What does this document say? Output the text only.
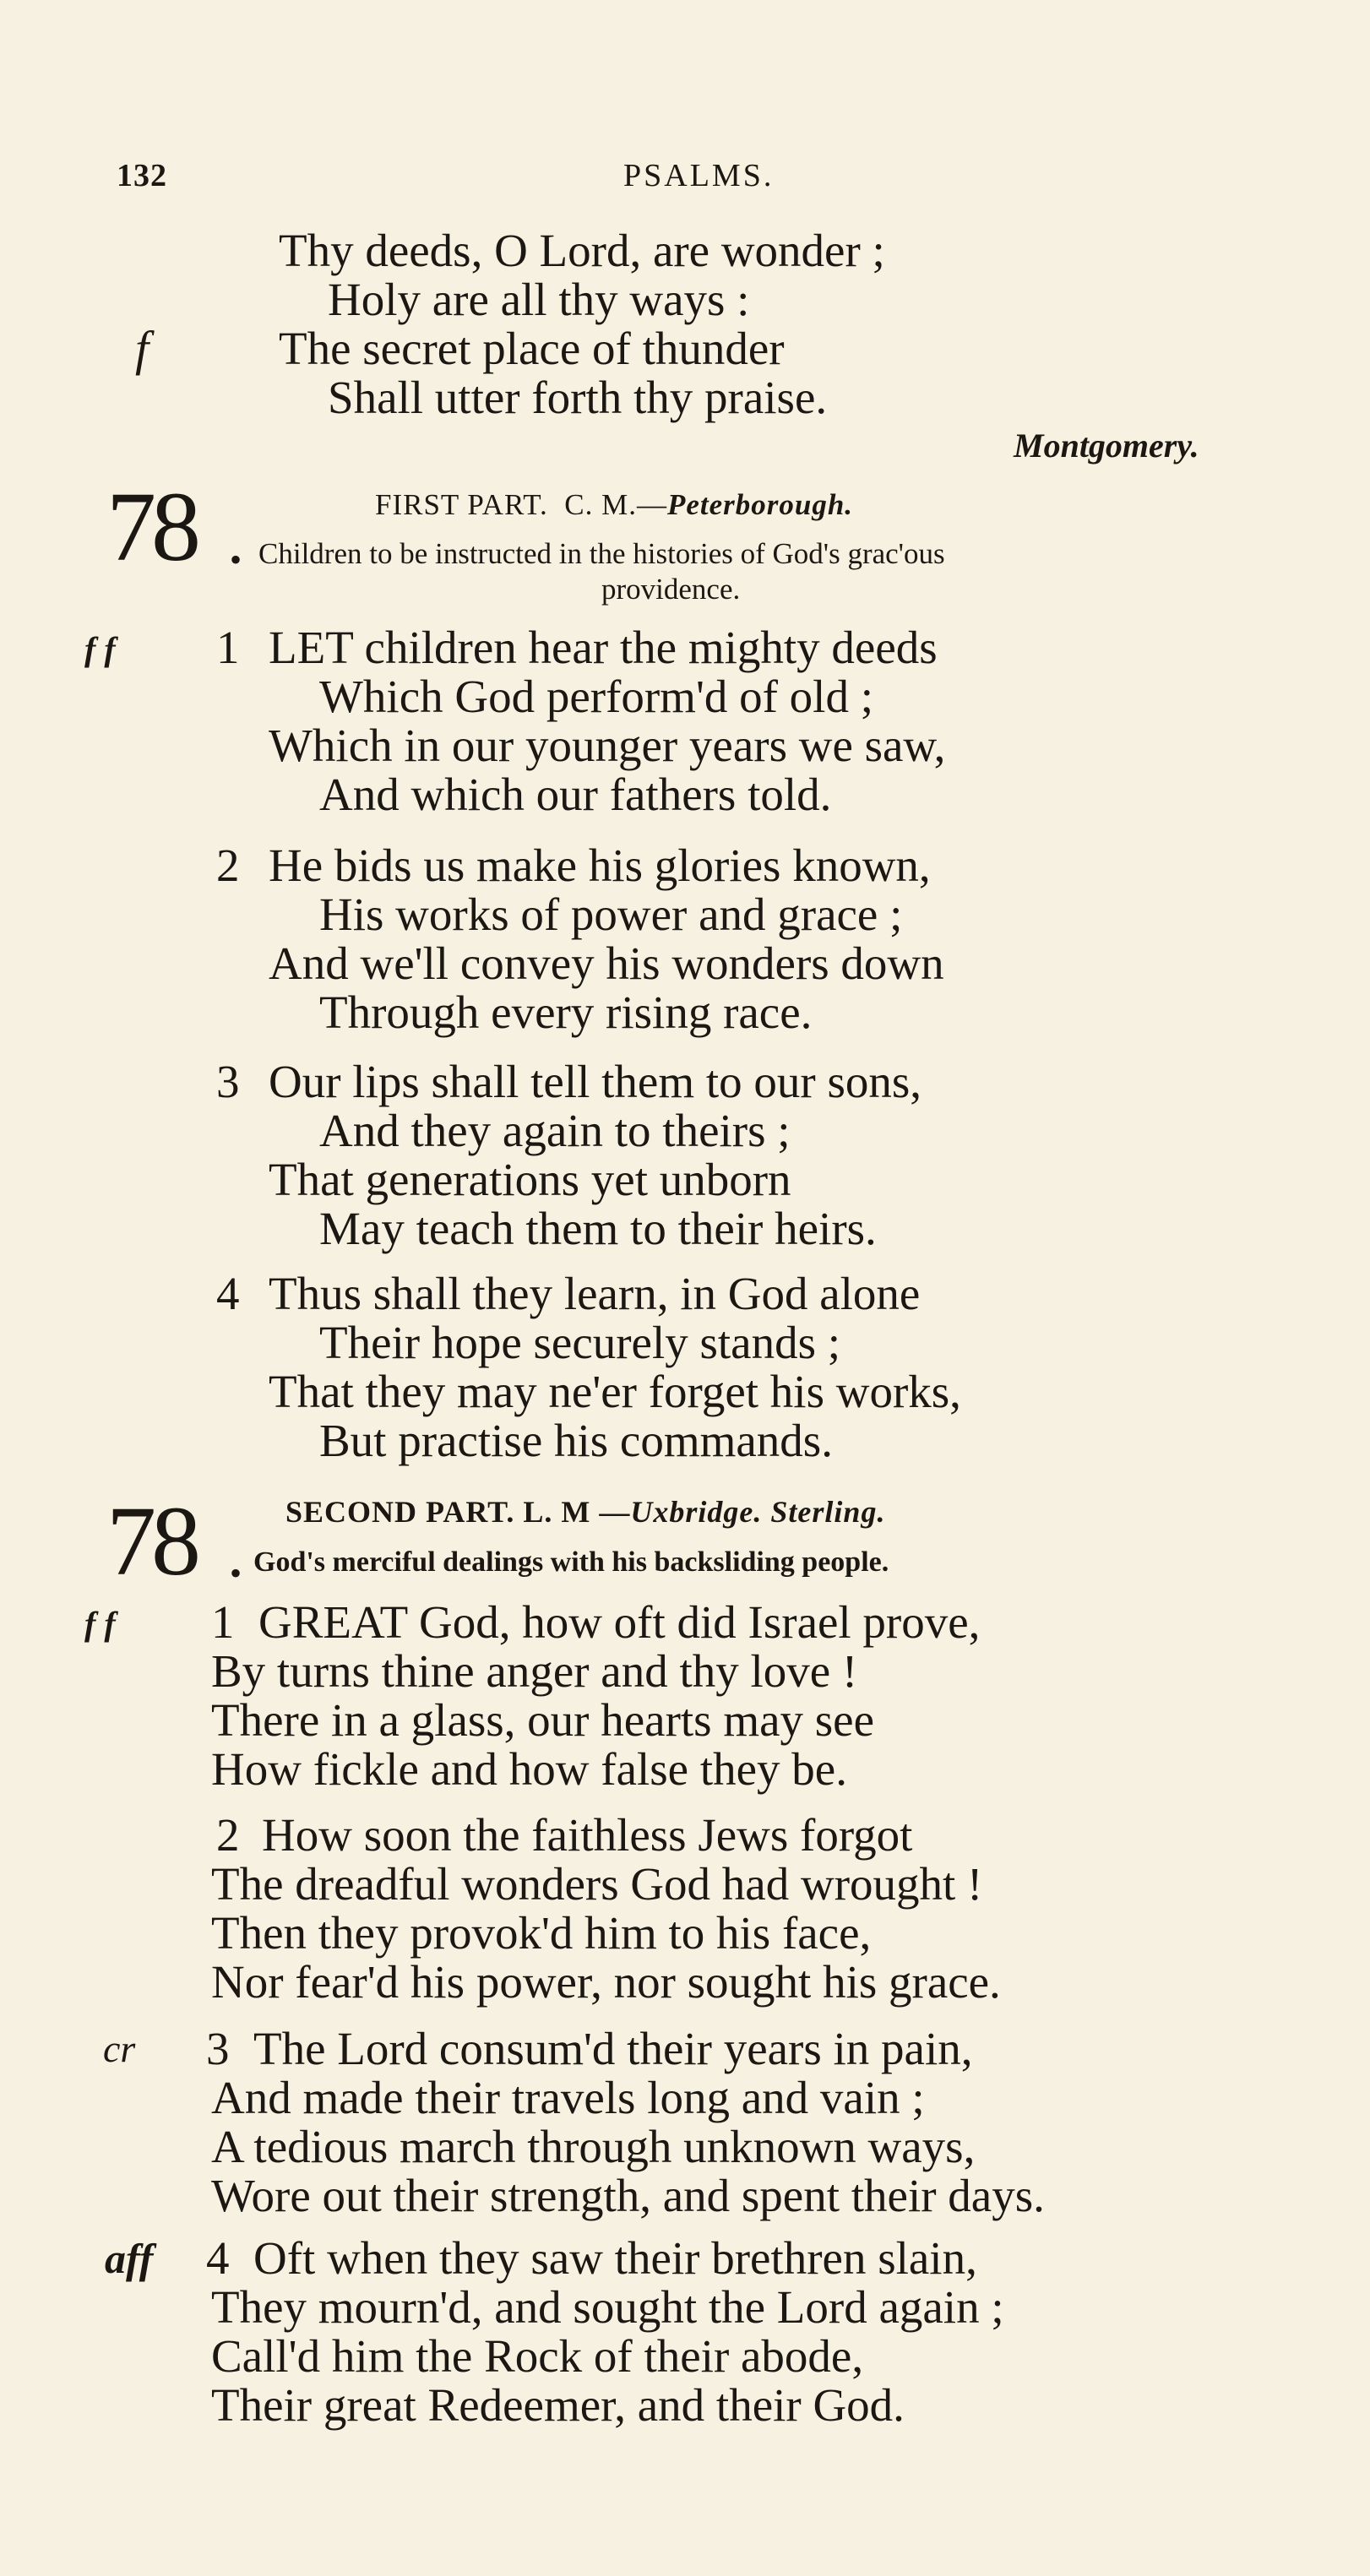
132	PSALMS.
Thy deeds, O Lord, are wonder ;
Holy are all thy ways :
f	The secret place of thunder
Shall utter forth thy praise.
Montgomery.
78 •
FIRST PART.  C. M.—Peterborough.
Children to be instructed in the histories of God's grac'ous
providence.
f f 1 LET children hear the mighty deeds
Which God perform'd of old ;
Which in our younger years we saw,
And which our fathers told.
2 He bids us make his glories known,
His works of power and grace ;
And we'll convey his wonders down
Through every rising race.
3 Our lips shall tell them to our sons,
And they again to theirs ;
That generations yet unborn
May teach them to their heirs.
4 Thus shall they learn, in God alone
Their hope securely stands ;
That they may ne'er forget his works,
But practise his commands.
78 •
SECOND PART. L. M —Uxbridge. Sterling.
God's merciful dealings with his backsliding people.
f f 1 GREAT God, how oft did Israel prove,
By turns thine anger and thy love !
There in a glass, our hearts may see
How fickle and how false they be.
2 How soon the faithless Jews forgot
The dreadful wonders God had wrought !
Then they provok'd him to his face,
Nor fear'd his power, nor sought his grace.
cr 3 The Lord consum'd their years in pain,
And made their travels long and vain ;
A tedious march through unknown ways,
Wore out their strength, and spent their days.
aff 4 Oft when they saw their brethren slain,
They mourn'd, and sought the Lord again ;
Call'd him the Rock of their abode,
Their great Redeemer, and their God.
